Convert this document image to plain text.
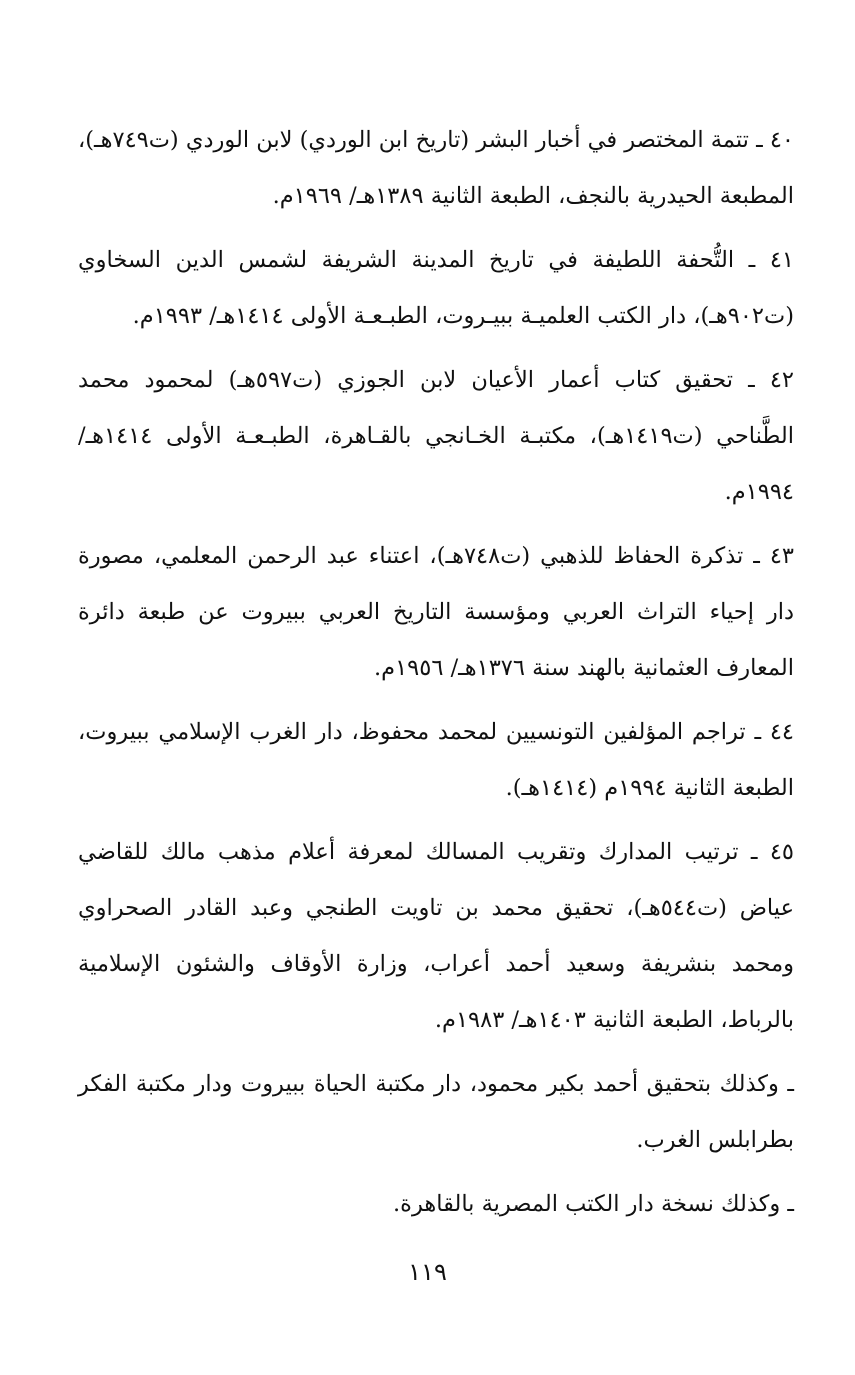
٤٠ ـ تتمة المختصر في أخبار البشر (تاريخ ابن الوردي) لابن الوردي (ت٧٤٩هـ)، المطبعة الحيدرية بالنجف، الطبعة الثانية ١٣٨٩هـ/ ١٩٦٩م.

٤١ ـ التُّحفة اللطيفة في تاريخ المدينة الشريفة لشمس الدين السخاوي (ت٩٠٢هـ)، دار الكتب العلميـة ببيـروت، الطبـعـة الأولى ١٤١٤هـ/ ١٩٩٣م.

٤٢ ـ تحقيق كتاب أعمار الأعيان لابن الجوزي (ت٥٩٧هـ) لمحمود محمد الطَّناحي (ت١٤١٩هـ)، مكتبـة الخـانجي بالقـاهرة، الطبـعـة الأولى ١٤١٤هـ/ ١٩٩٤م.

٤٣ ـ تذكرة الحفاظ للذهبي (ت٧٤٨هـ)، اعتناء عبد الرحمن المعلمي، مصورة دار إحياء التراث العربي ومؤسسة التاريخ العربي ببيروت عن طبعة دائرة المعارف العثمانية بالهند سنة ١٣٧٦هـ/ ١٩٥٦م.

٤٤ ـ تراجم المؤلفين التونسيين لمحمد محفوظ، دار الغرب الإسلامي ببيروت، الطبعة الثانية ١٩٩٤م (١٤١٤هـ).

٤٥ ـ ترتيب المدارك وتقريب المسالك لمعرفة أعلام مذهب مالك للقاضي عياض (ت٥٤٤هـ)، تحقيق محمد بن تاويت الطنجي وعبد القادر الصحراوي ومحمد بنشريفة وسعيد أحمد أعراب، وزارة الأوقاف والشئون الإسلامية بالرباط، الطبعة الثانية ١٤٠٣هـ/ ١٩٨٣م.

ـ وكذلك بتحقيق أحمد بكير محمود، دار مكتبة الحياة ببيروت ودار مكتبة الفكر بطرابلس الغرب.

ـ وكذلك نسخة دار الكتب المصرية بالقاهرة.

١١٩
